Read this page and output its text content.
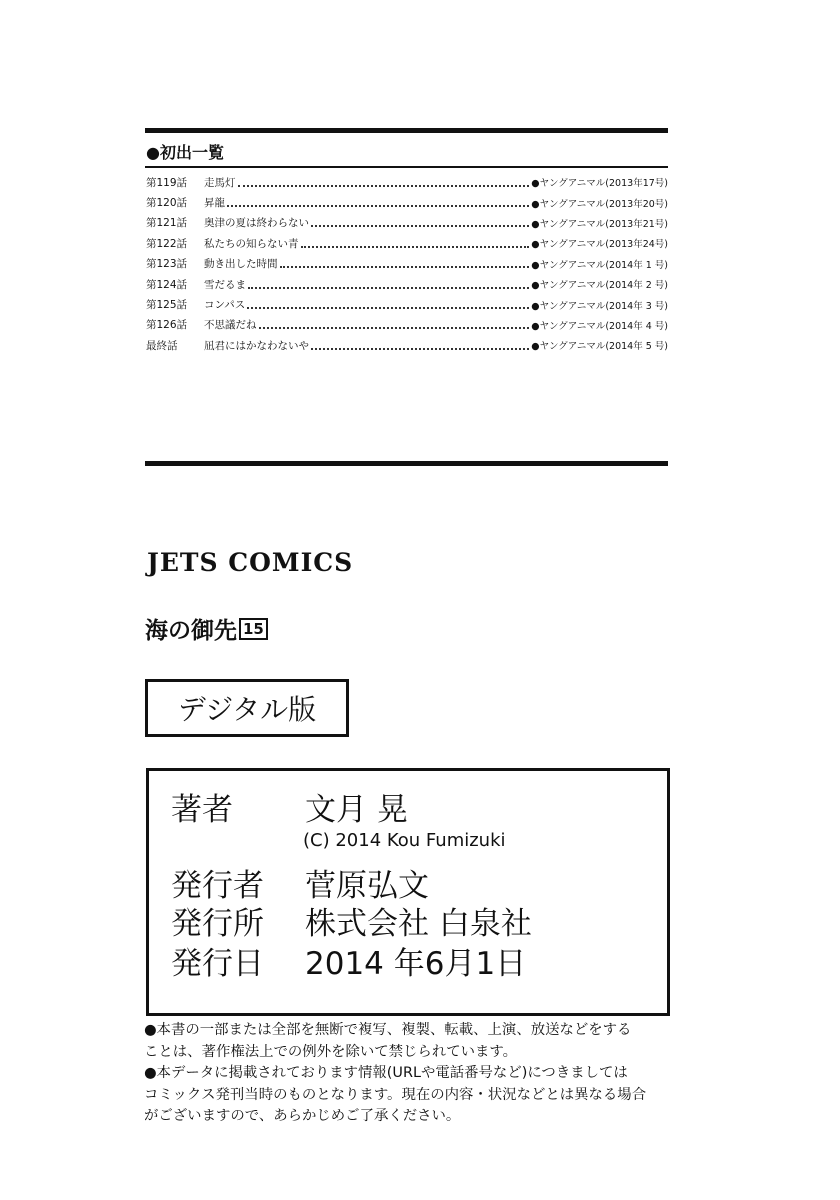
●初出一覧
第119話	走馬灯	●ヤングアニマル(2013年17号)
第120話	昇龍	●ヤングアニマル(2013年20号)
第121話	奥津の夏は終わらない	●ヤングアニマル(2013年21号)
第122話	私たちの知らない青	●ヤングアニマル(2013年24号)
第123話	動き出した時間	●ヤングアニマル(2014年 1 号)
第124話	雪だるま	●ヤングアニマル(2014年 2 号)
第125話	コンパス	●ヤングアニマル(2014年 3 号)
第126話	不思議だね	●ヤングアニマル(2014年 4 号)
最終話	凪君にはかなわないや	●ヤングアニマル(2014年 5 号)
JETS COMICS
海の御先 15
デジタル版
著者 文月 晃
(C) 2014 Kou Fumizuki
発行者 菅原弘文
発行所 株式会社 白泉社
発行日 2014 年6月1日
●本書の一部または全部を無断で複写、複製、転載、上演、放送などをする
ことは、著作権法上での例外を除いて禁じられています。
●本データに掲載されております情報(URLや電話番号など)につきましては
コミックス発刊当時のものとなります。現在の内容・状況などとは異なる場合
がございますので、あらかじめご了承ください。
